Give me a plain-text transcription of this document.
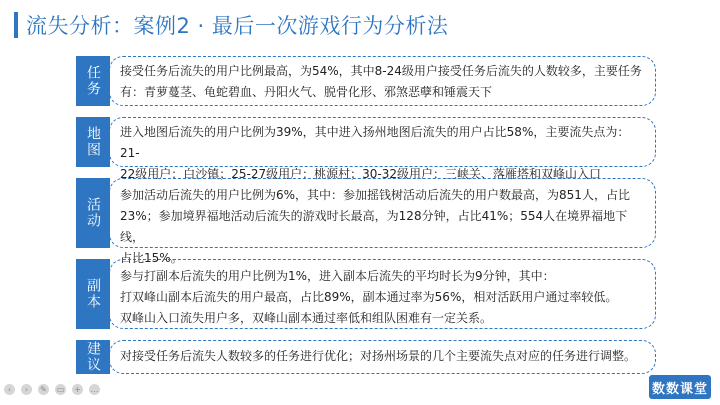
流失分析：案例2 · 最后一次游戏行为分析法
任务 接受任务后流失的用户比例最高，为54%，其中8-24级用户接受任务后流失的人数较多，主要任务

有：青萝蔓茎、龟蛇碧血、丹阳火气、脱骨化形、邪煞恶孽和锤震天下

地图 进入地图后流失的用户比例为39%，其中进入扬州地图后流失的用户占比58%，主要流失点为：21-

22级用户：白沙镇；25-27级用户：桃源村；30-32级用户：三峡关、落雁塔和双峰山入口

活动

参加活动后流失的用户比例为6%，其中：参加摇钱树活动后流失的用户数最高，为851人，占比

23%；参加境界福地活动后流失的游戏时长最高，为128分钟，占比41%；554人在境界福地下线，

占比15%。

副本

参与打副本后流失的用户比例为1%，进入副本后流失的平均时长为9分钟，其中：

打双峰山副本后流失的用户最高，占比89%，副本通过率为56%，相对活跃用户通过率较低。

双峰山入口流失用户多，双峰山副本通过率低和组队困难有一定关系。

建议 对接受任务后流失人数较多的任务进行优化；对扬州场景的几个主要流失点对应的任务进行调整。

数数课堂
‹	›	✎ ▭ + …
